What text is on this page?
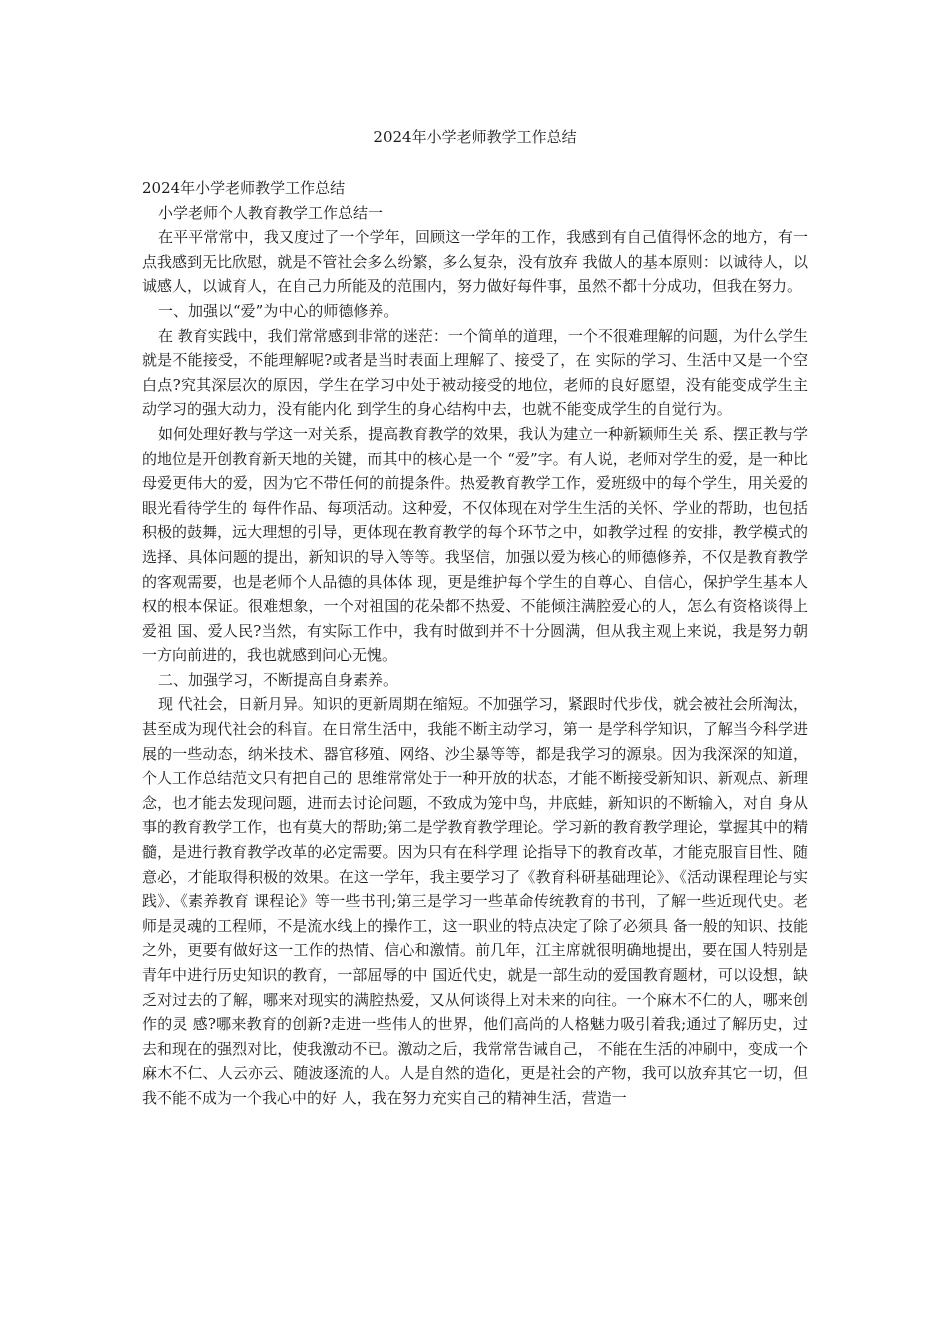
2024年小学老师教学工作总结

2024年小学老师教学工作总结

小学老师个人教育教学工作总结一

在平平常常中，我又度过了一个学年，回顾这一学年的工作，我感到有自己值得怀念的地方，有一点我感到无比欣慰，就是不管社会多么纷繁，多么复杂，没有放弃 我做人的基本原则：以诚待人，以诚感人，以诚育人，在自己力所能及的范围内，努力做好每件事，虽然不都十分成功，但我在努力。

一、加强以“爱”为中心的师德修养。

在 教育实践中，我们常常感到非常的迷茫：一个简单的道理，一个不很难理解的问题，为什么学生就是不能接受，不能理解呢?或者是当时表面上理解了、接受了，在 实际的学习、生活中又是一个空白点?究其深层次的原因，学生在学习中处于被动接受的地位，老师的良好愿望，没有能变成学生主动学习的强大动力，没有能内化 到学生的身心结构中去，也就不能变成学生的自觉行为。

如何处理好教与学这一对关系，提高教育教学的效果，我认为建立一种新颖师生关 系、摆正教与学的地位是开创教育新天地的关键，而其中的核心是一个 “爱”字。有人说，老师对学生的爱，是一种比母爱更伟大的爱，因为它不带任何的前提条件。热爱教育教学工作，爱班级中的每个学生，用关爱的眼光看待学生的 每件作品、每项活动。这种爱，不仅体现在对学生生活的关怀、学业的帮助，也包括积极的鼓舞，远大理想的引导，更体现在教育教学的每个环节之中，如教学过程 的安排，教学模式的选择、具体问题的提出，新知识的导入等等。我坚信，加强以爱为核心的师德修养，不仅是教育教学的客观需要，也是老师个人品德的具体体 现，更是维护每个学生的自尊心、自信心，保护学生基本人权的根本保证。很难想象，一个对祖国的花朵都不热爱、不能倾注满腔爱心的人，怎么有资格谈得上爱祖 国、爱人民?当然，有实际工作中，我有时做到并不十分圆满，但从我主观上来说，我是努力朝一方向前进的，我也就感到问心无愧。

二、加强学习，不断提高自身素养。

现 代社会，日新月异。知识的更新周期在缩短。不加强学习，紧跟时代步伐，就会被社会所淘汰，甚至成为现代社会的科盲。在日常生活中，我能不断主动学习，第一 是学科学知识，了解当今科学进展的一些动态，纳米技术、器官移殖、网络、沙尘暴等等，都是我学习的源泉。因为我深深的知道，个人工作总结范文只有把自己的 思维常常处于一种开放的状态，才能不断接受新知识、新观点、新理念，也才能去发现问题，进而去讨论问题，不致成为笼中鸟，井底蛙，新知识的不断输入，对自 身从事的教育教学工作，也有莫大的帮助;第二是学教育教学理论。学习新的教育教学理论，掌握其中的精髓，是进行教育教学改革的必定需要。因为只有在科学理 论指导下的教育改革，才能克服盲目性、随意必，才能取得积极的效果。在这一学年，我主要学习了《教育科研基础理论》、《活动课程理论与实践》、《素养教育 课程论》等一些书刊;第三是学习一些革命传统教育的书刊，了解一些近现代史。老师是灵魂的工程师，不是流水线上的操作工，这一职业的特点决定了除了必须具 备一般的知识、技能之外，更要有做好这一工作的热情、信心和激情。前几年，江主席就很明确地提出，要在国人特别是青年中进行历史知识的教育，一部屈辱的中 国近代史，就是一部生动的爱国教育题材，可以设想，缺乏对过去的了解，哪来对现实的满腔热爱，又从何谈得上对未来的向往。一个麻木不仁的人，哪来创作的灵 感?哪来教育的创新?走进一些伟人的世界，他们高尚的人格魅力吸引着我;通过了解历史，过去和现在的强烈对比，使我激动不已。激动之后，我常常告诫自己， 不能在生活的冲刷中，变成一个麻木不仁、人云亦云、随波逐流的人。人是自然的造化，更是社会的产物，我可以放弃其它一切，但我不能不成为一个我心中的好 人，我在努力充实自己的精神生活，营造一
